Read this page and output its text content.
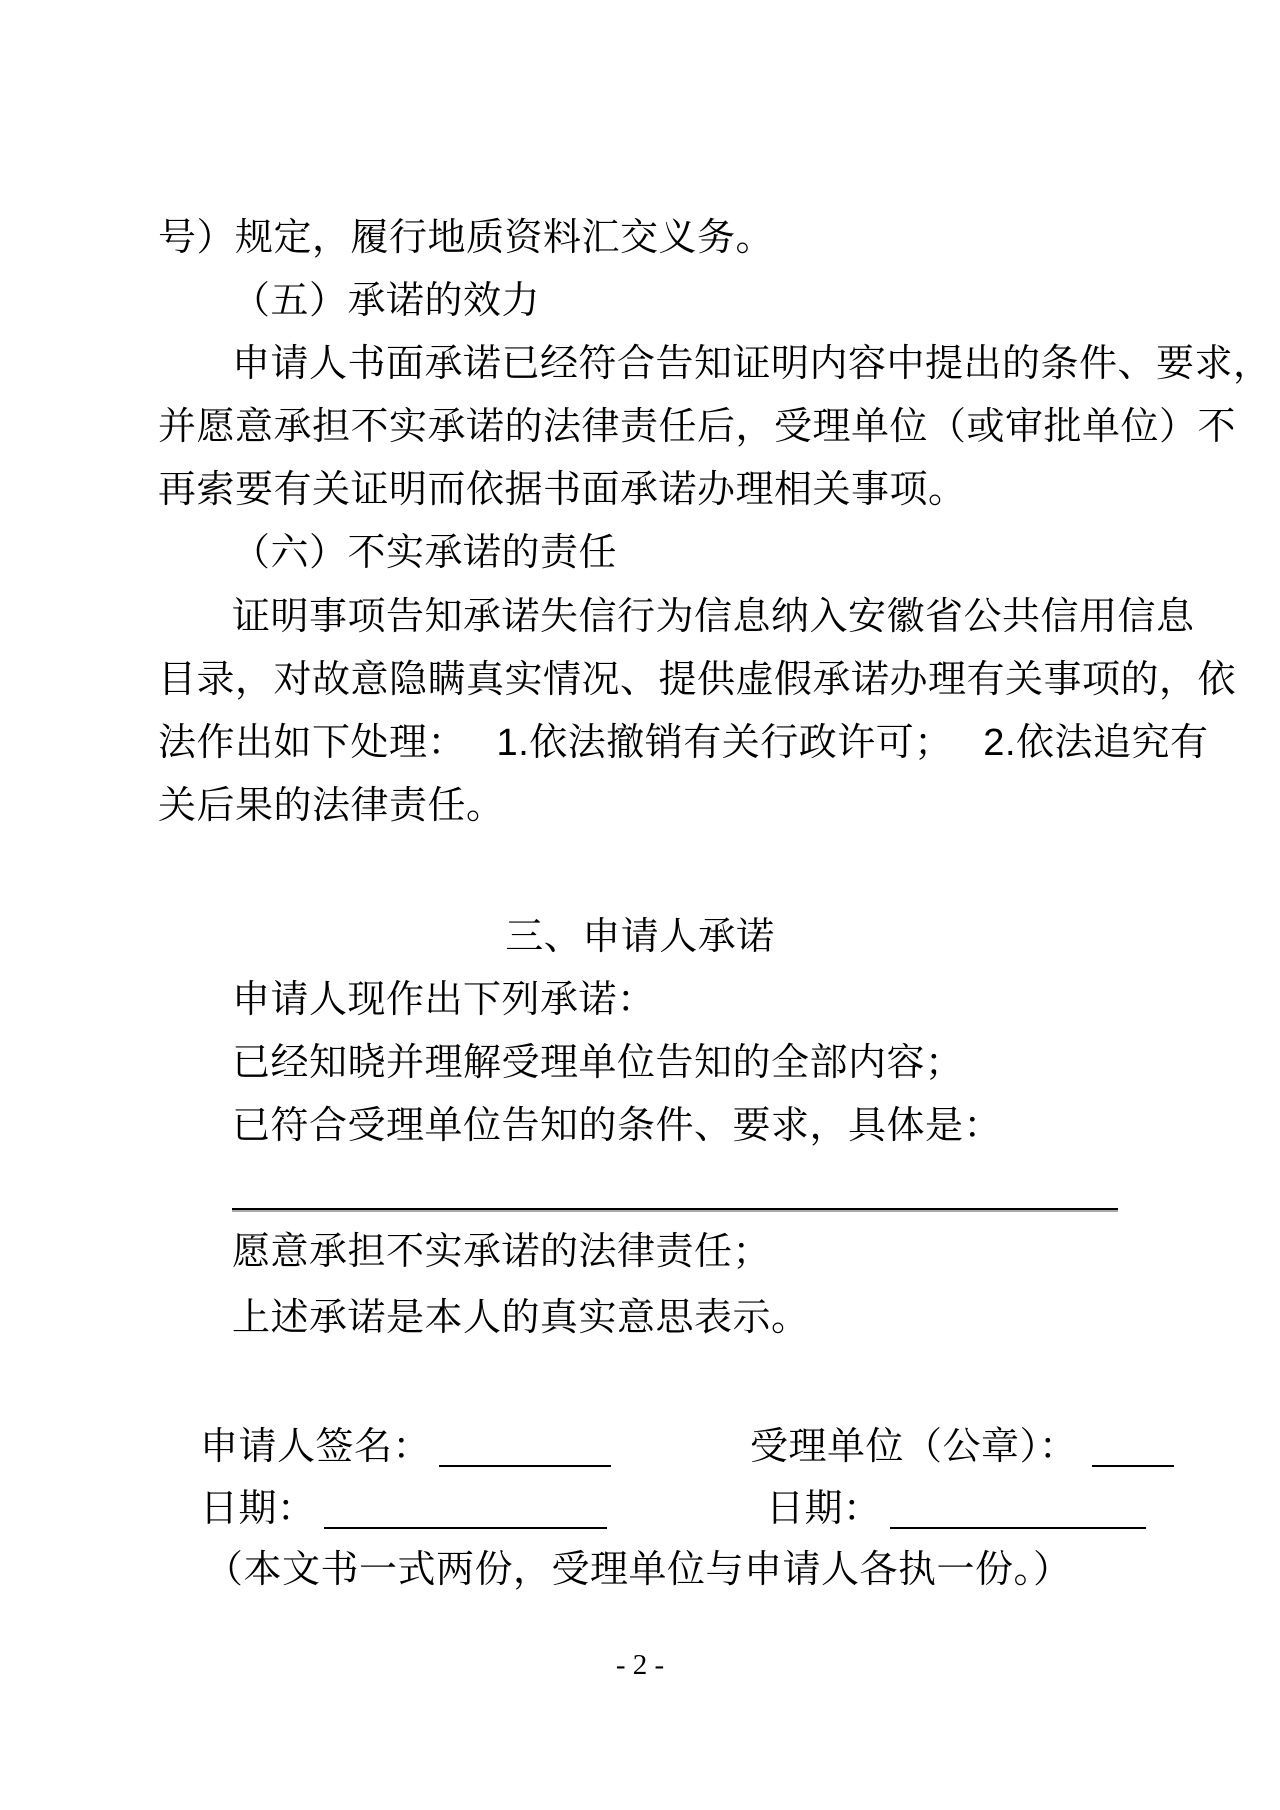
号）规定，履行地质资料汇交义务。
（五）承诺的效力
申请人书面承诺已经符合告知证明内容中提出的条件、要求，
并愿意承担不实承诺的法律责任后，受理单位（或审批单位）不
再索要有关证明而依据书面承诺办理相关事项。
（六）不实承诺的责任
证明事项告知承诺失信行为信息纳入安徽省公共信用信息
目录，对故意隐瞒真实情况、提供虚假承诺办理有关事项的，依
法作出如下处理：　 1.依法撤销有关行政许可；　 2.依法追究有
关后果的法律责任。
三、申请人承诺
申请人现作出下列承诺：
已经知晓并理解受理单位告知的全部内容；
已符合受理单位告知的条件、要求，具体是：
愿意承担不实承诺的法律责任；
上述承诺是本人的真实意思表示。
申请人签名：	受理单位（公章）：
日期：	日期：
（本文书一式两份，受理单位与申请人各执一份。）
- 2 -
